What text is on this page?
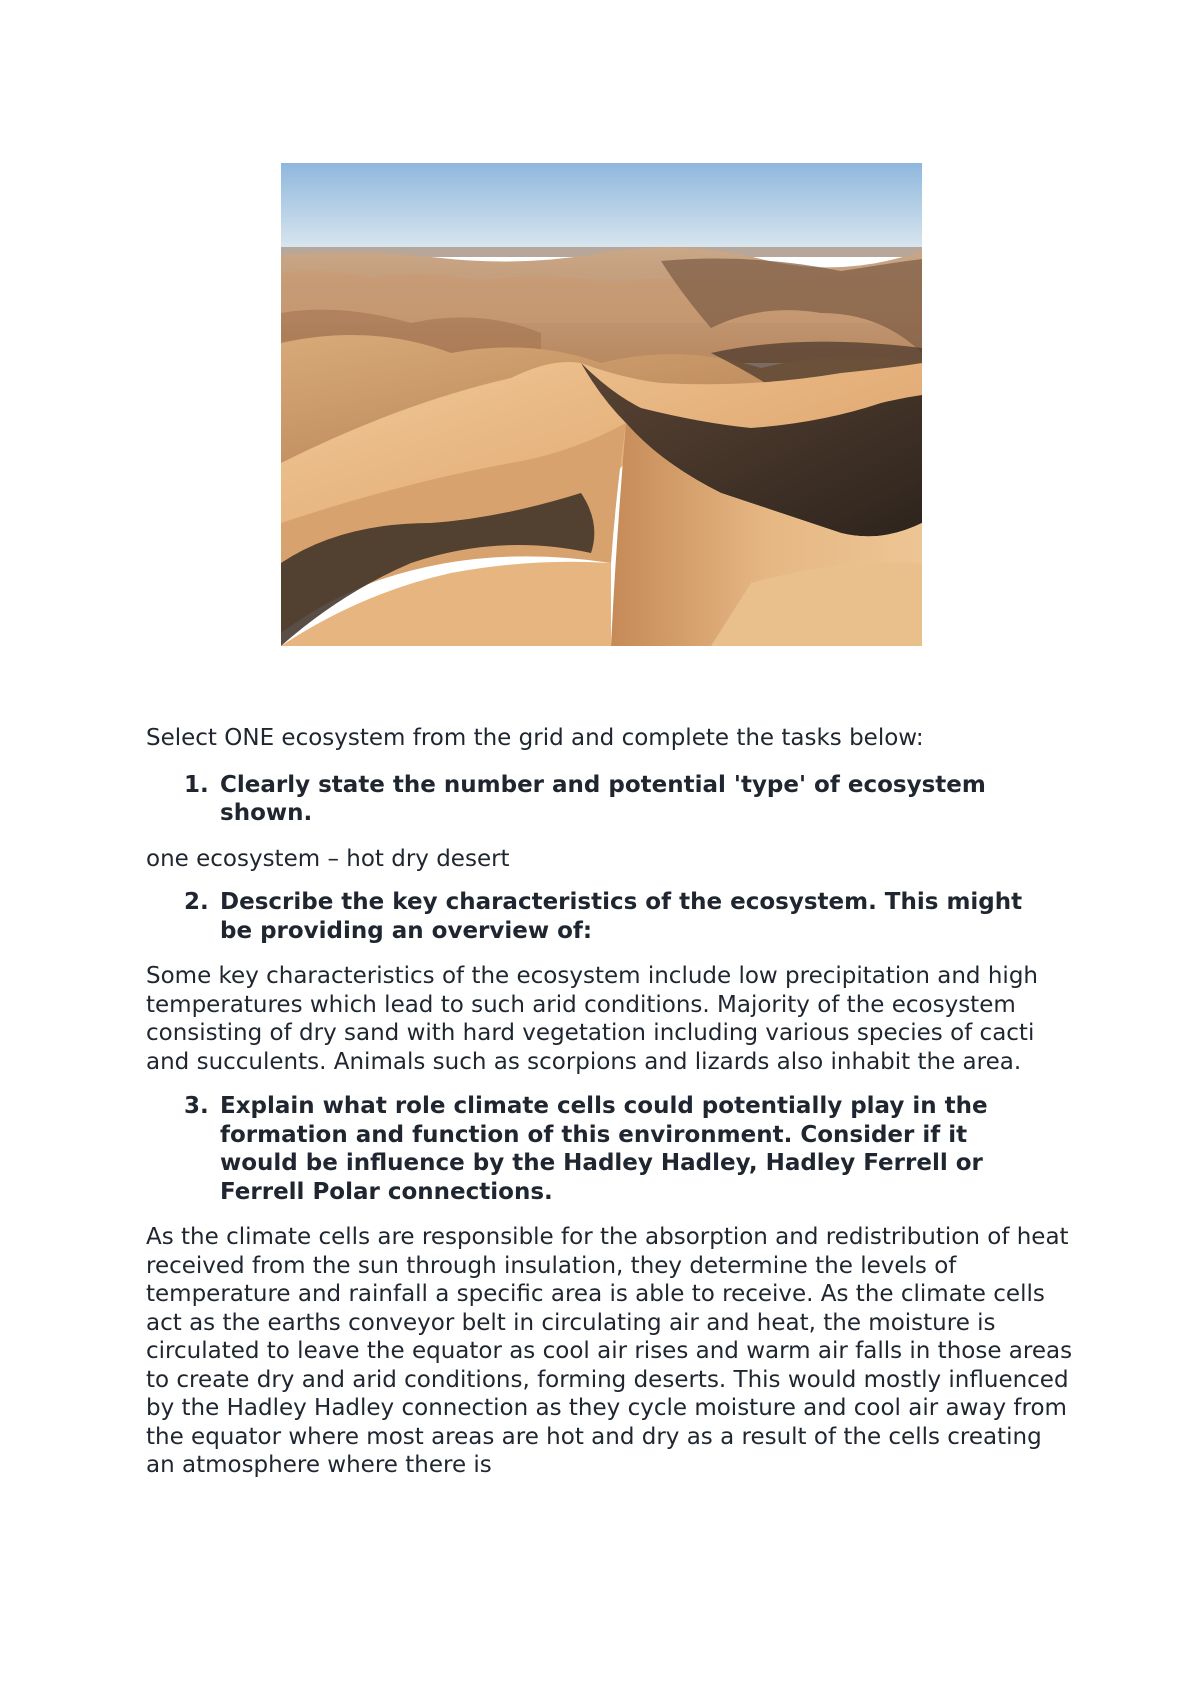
Select ONE ecosystem from the grid and complete the tasks below:

1. Clearly state the number and potential 'type' of ecosystem shown.

one ecosystem – hot dry desert

2. Describe the key characteristics of the ecosystem. This might be providing an overview of:

Some key characteristics of the ecosystem include low precipitation and high temperatures which lead to such arid conditions. Majority of the ecosystem consisting of dry sand with hard vegetation including various species of cacti and succulents. Animals such as scorpions and lizards also inhabit the area.

3. Explain what role climate cells could potentially play in the formation and function of this environment. Consider if it would be influence by the Hadley Hadley, Hadley Ferrell or Ferrell Polar connections.

As the climate cells are responsible for the absorption and redistribution of heat received from the sun through insulation, they determine the levels of temperature and rainfall a specific area is able to receive. As the climate cells act as the earths conveyor belt in circulating air and heat, the moisture is circulated to leave the equator as cool air rises and warm air falls in those areas to create dry and arid conditions, forming deserts. This would mostly influenced by the Hadley Hadley connection as they cycle moisture and cool air away from the equator where most areas are hot and dry as a result of the cells creating an atmosphere where there is
